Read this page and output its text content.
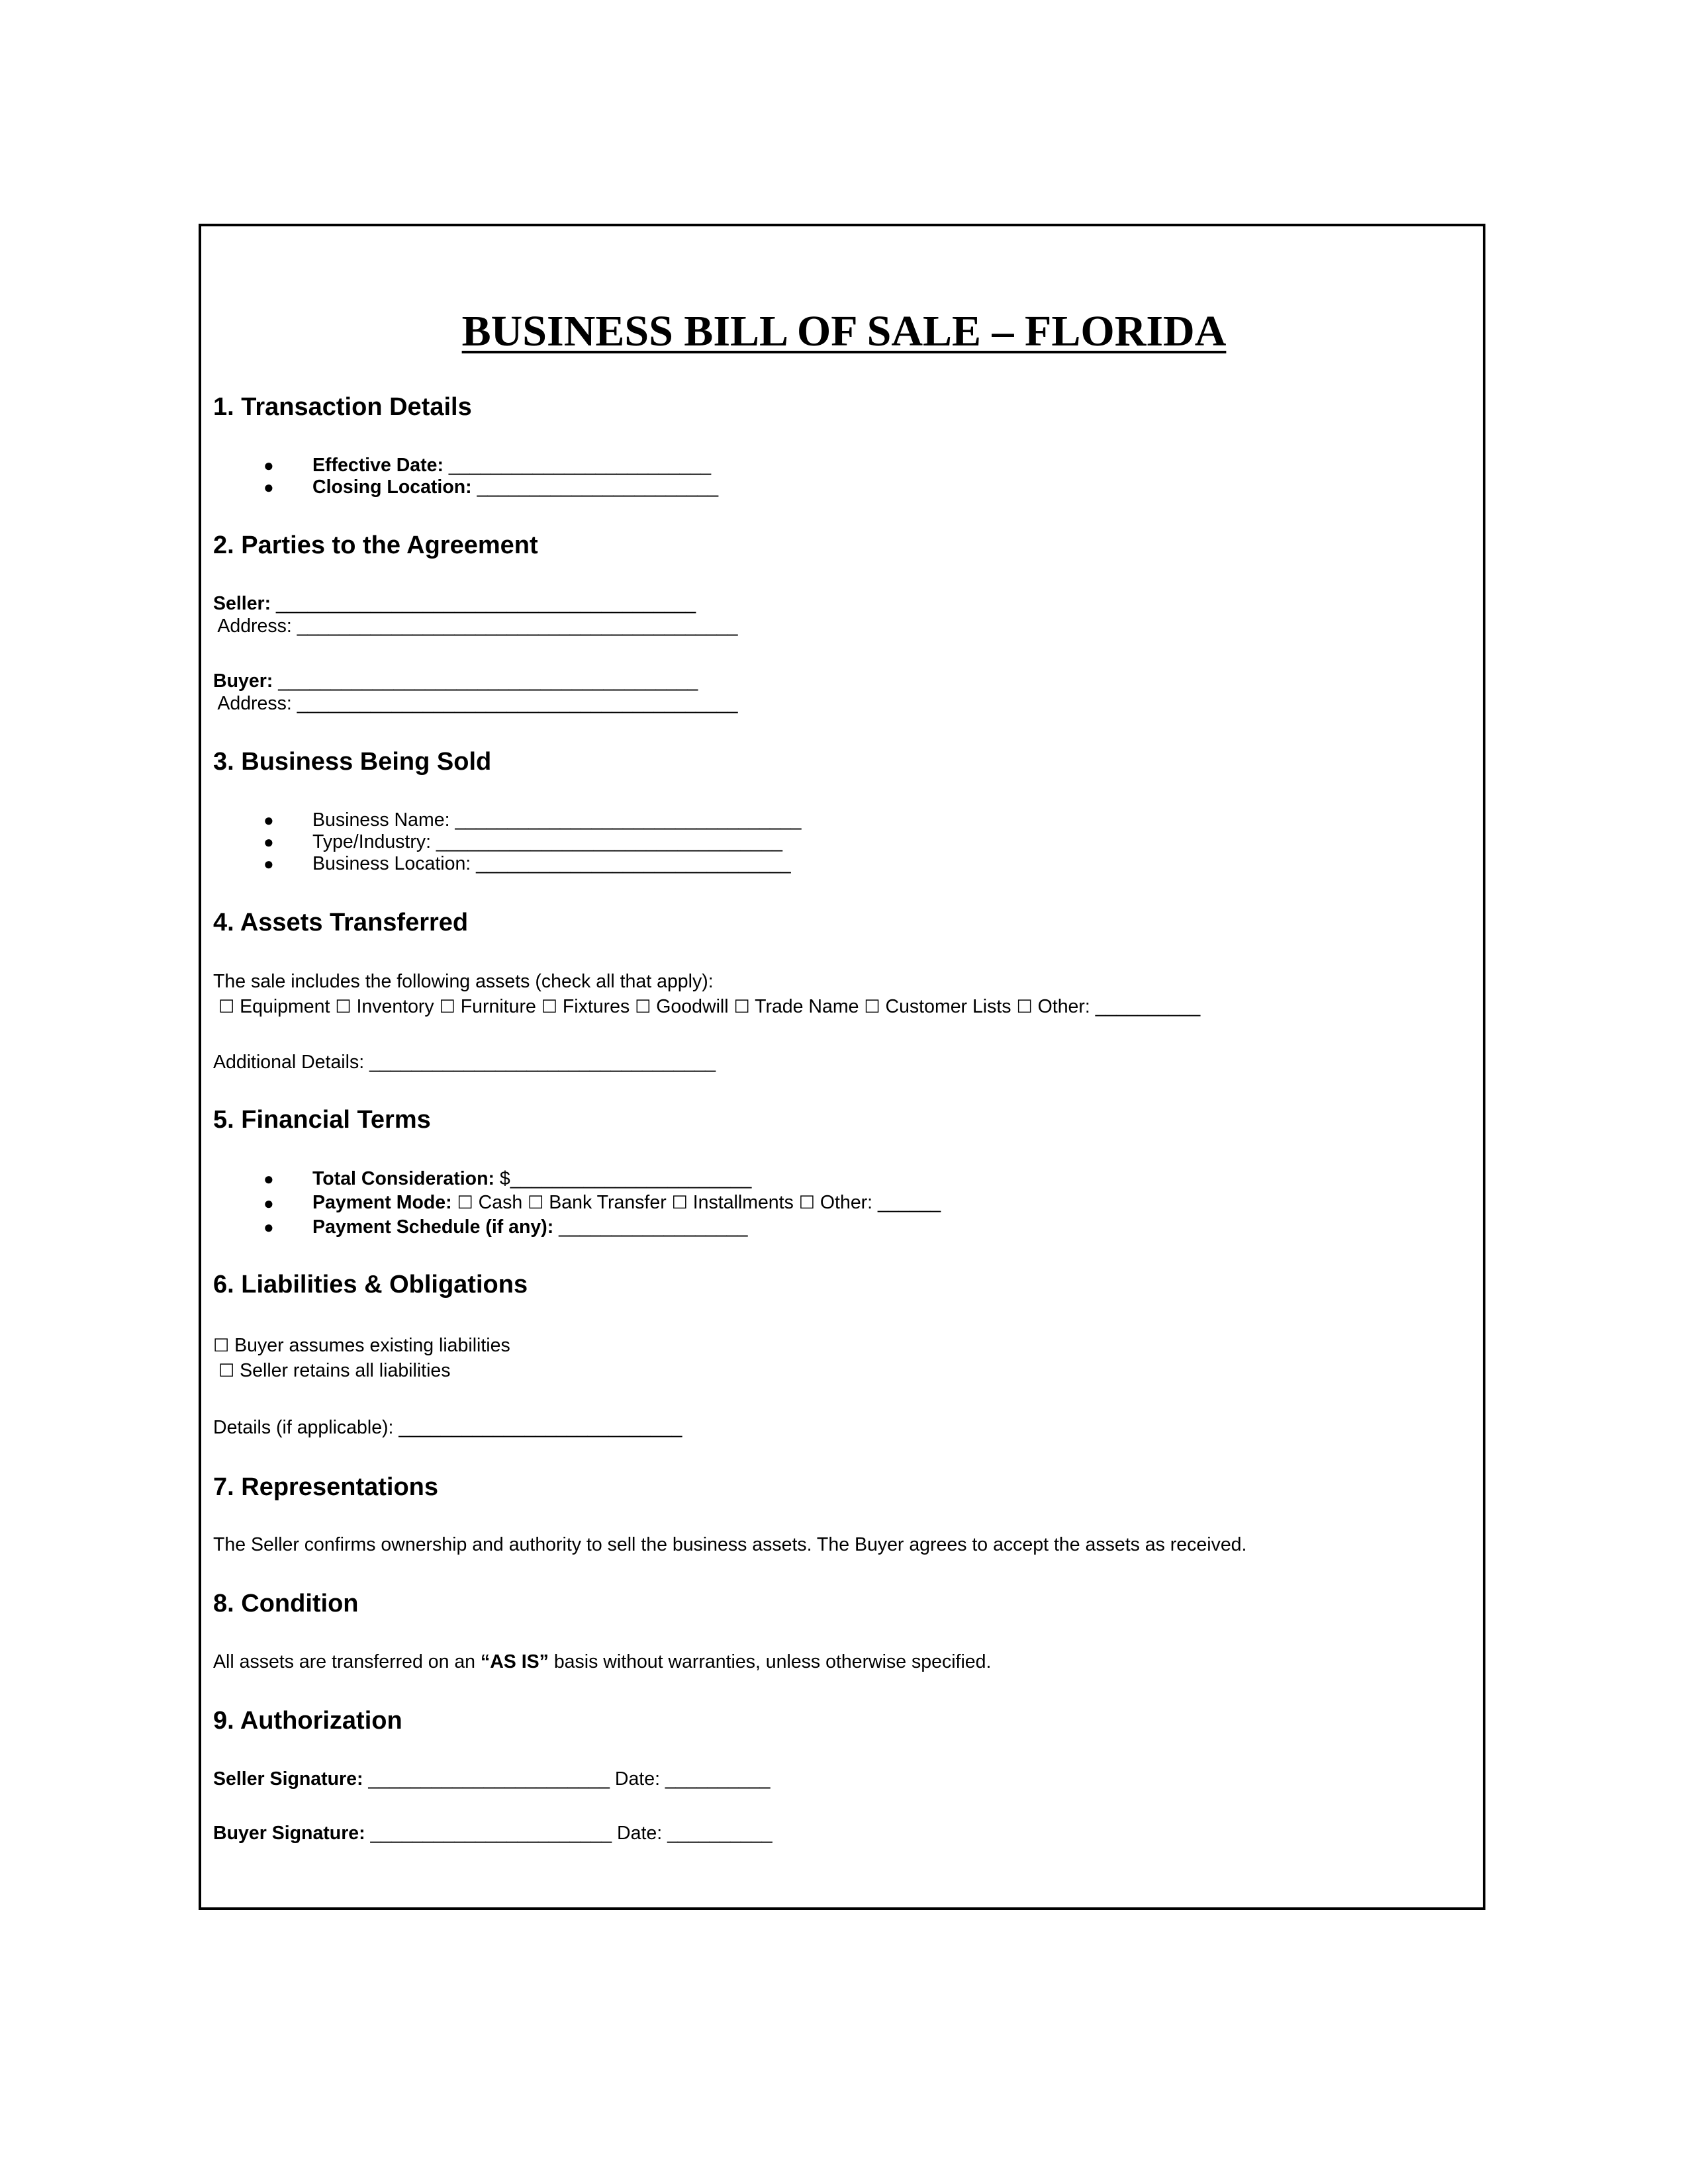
BUSINESS BILL OF SALE – FLORIDA
1. Transaction Details
● Effective Date: _________________________
● Closing Location: _______________________
2. Parties to the Agreement
Seller: ________________________________________
Address: __________________________________________
Buyer: ________________________________________
Address: __________________________________________
3. Business Being Sold
● Business Name: _________________________________
● Type/Industry: _________________________________
● Business Location: ______________________________
4. Assets Transferred
The sale includes the following assets (check all that apply):
☐ Equipment ☐ Inventory ☐ Furniture ☐ Fixtures ☐ Goodwill ☐ Trade Name ☐ Customer Lists ☐ Other: __________
Additional Details: _________________________________
5. Financial Terms
● Total Consideration: $_______________________
● Payment Mode: ☐ Cash ☐ Bank Transfer ☐ Installments ☐ Other: ______
● Payment Schedule (if any): __________________
6. Liabilities & Obligations
☐ Buyer assumes existing liabilities
☐ Seller retains all liabilities
Details (if applicable): ___________________________
7. Representations
The Seller confirms ownership and authority to sell the business assets. The Buyer agrees to accept the assets as received.
8. Condition
All assets are transferred on an “AS IS” basis without warranties, unless otherwise specified.
9. Authorization
Seller Signature: _______________________ Date: __________
Buyer Signature: _______________________ Date: __________
